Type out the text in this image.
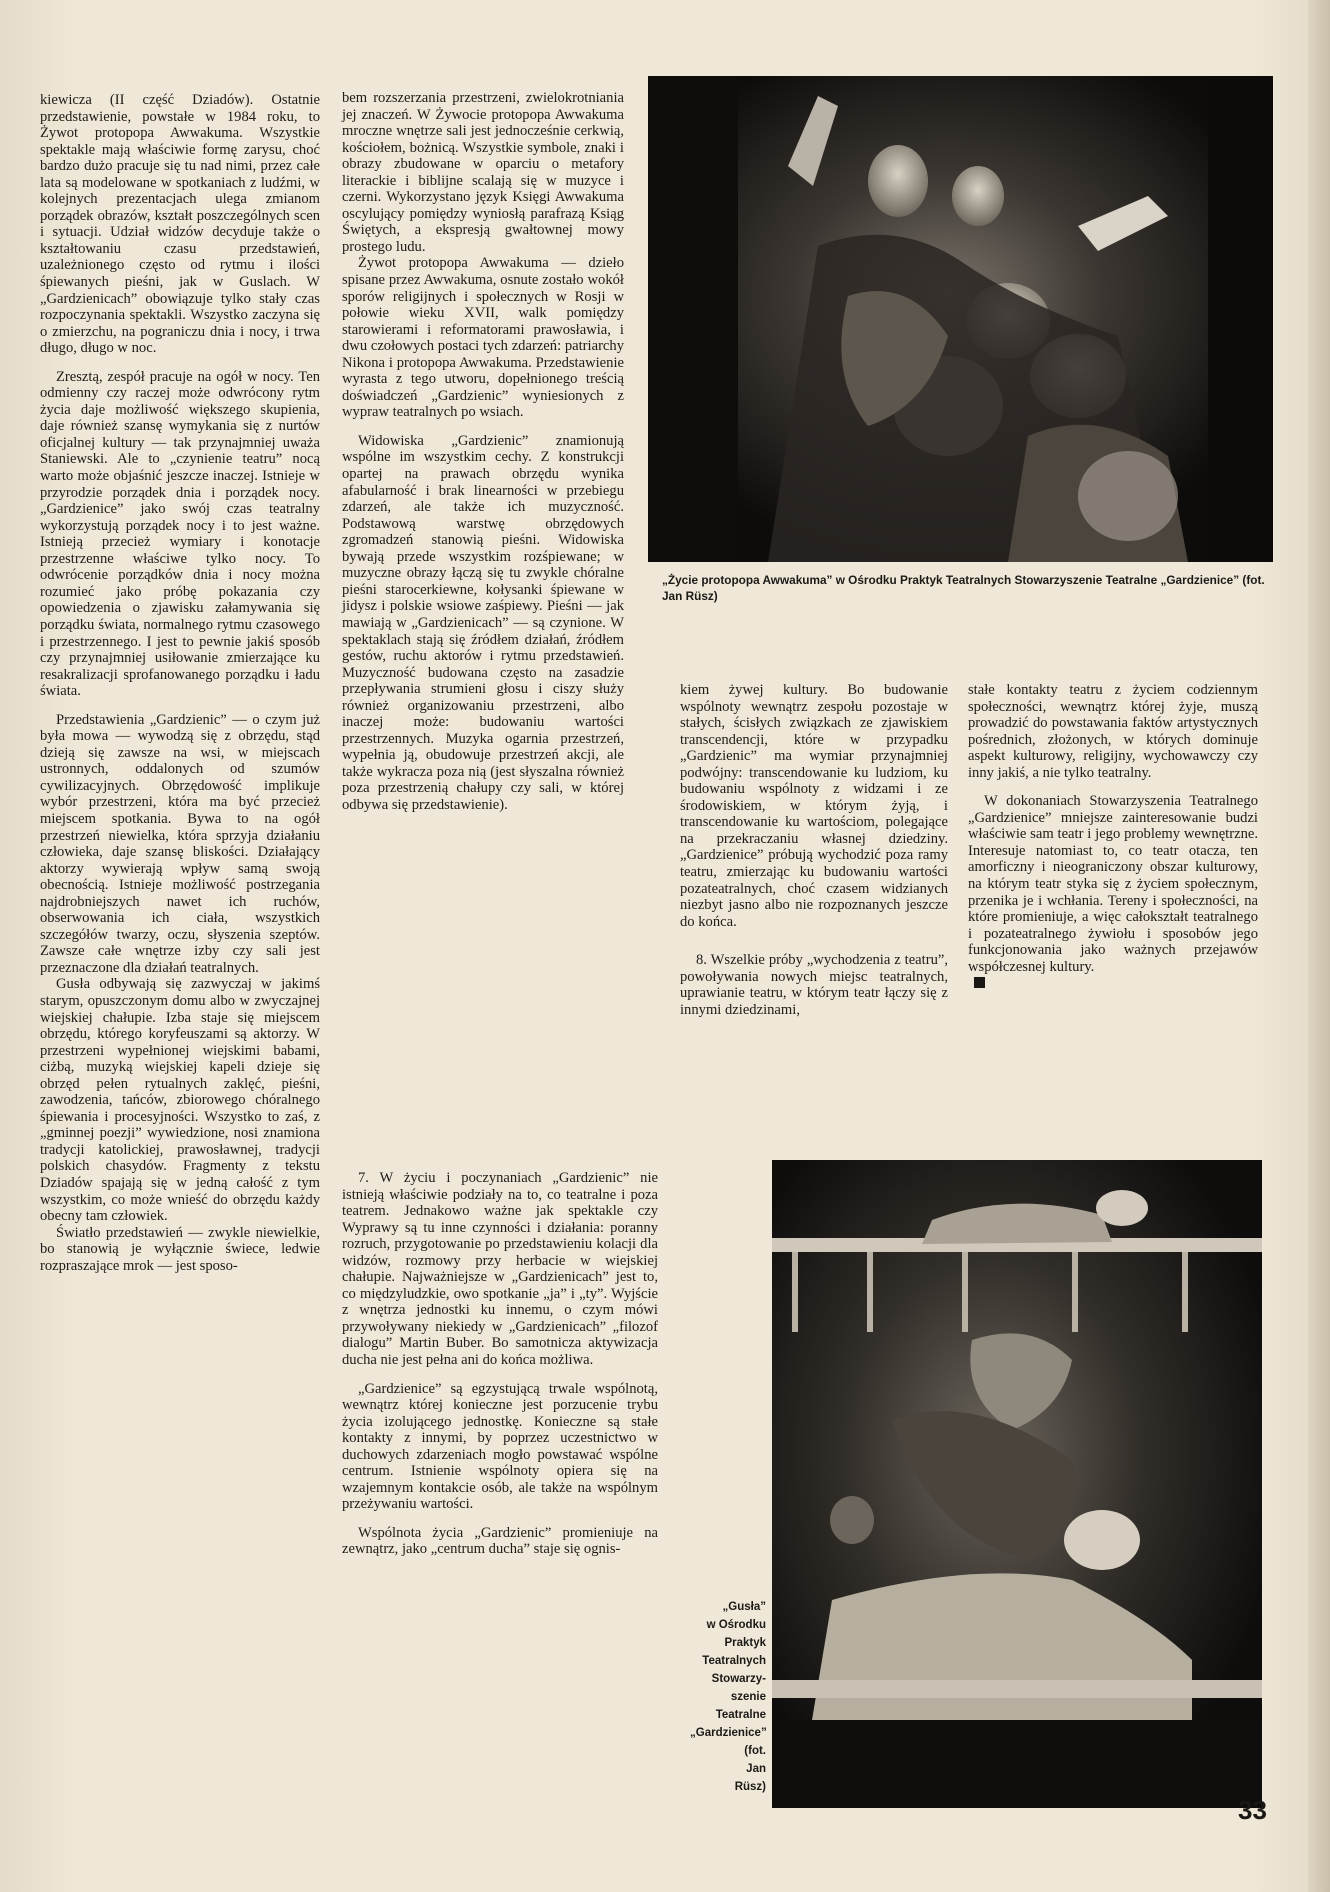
kiewicza (II część Dziadów). Ostatnie przedstawienie, powstałe w 1984 roku, to Żywot protopopa Awwakuma. Wszystkie spektakle mają właściwie formę zarysu, choć bardzo dużo pracuje się tu nad nimi, przez całe lata są modelowane w spotkaniach z ludźmi, w kolejnych prezentacjach ulega zmianom porządek obrazów, kształt poszczególnych scen i sytuacji. Udział widzów decyduje także o kształtowaniu czasu przedstawień, uzależnionego często od rytmu i ilości śpiewanych pieśni, jak w Guslach. W „Gardzienicach” obowiązuje tylko stały czas rozpoczynania spektakli. Wszystko zaczyna się o zmierzchu, na pograniczu dnia i nocy, i trwa długo, długo w noc.

Zresztą, zespół pracuje na ogół w nocy. Ten odmienny czy raczej może odwrócony rytm życia daje możliwość większego skupienia, daje również szansę wymykania się z nurtów oficjalnej kultury — tak przynajmniej uważa Staniewski. Ale to „czynienie teatru” nocą warto może objaśnić jeszcze inaczej. Istnieje w przyrodzie porządek dnia i porządek nocy. „Gardzienice” jako swój czas teatralny wykorzystują porządek nocy i to jest ważne. Istnieją przecież wymiary i konotacje przestrzenne właściwe tylko nocy. To odwrócenie porządków dnia i nocy można rozumieć jako próbę pokazania czy opowiedzenia o zjawisku załamywania się porządku świata, normalnego rytmu czasowego i przestrzennego. I jest to pewnie jakiś sposób czy przynajmniej usiłowanie zmierzające ku resakralizacji sprofanowanego porządku i ładu świata.

Przedstawienia „Gardzienic” — o czym już była mowa — wywodzą się z obrzędu, stąd dzieją się zawsze na wsi, w miejscach ustronnych, oddalonych od szumów cywilizacyjnych. Obrzędowość implikuje wybór przestrzeni, która ma być przecież miejscem spotkania. Bywa to na ogół przestrzeń niewielka, która sprzyja działaniu człowieka, daje szansę bliskości. Działający aktorzy wywierają wpływ samą swoją obecnością. Istnieje możliwość postrzegania najdrobniejszych nawet ich ruchów, obserwowania ich ciała, wszystkich szczegółów twarzy, oczu, słyszenia szeptów. Zawsze całe wnętrze izby czy sali jest przeznaczone dla działań teatralnych.

Gusła odbywają się zazwyczaj w jakimś starym, opuszczonym domu albo w zwyczajnej wiejskiej chałupie. Izba staje się miejscem obrzędu, którego koryfeuszami są aktorzy. W przestrzeni wypełnionej wiejskimi babami, ciżbą, muzyką wiejskiej kapeli dzieje się obrzęd pełen rytualnych zaklęć, pieśni, zawodzenia, tańców, zbiorowego chóralnego śpiewania i procesyjności. Wszystko to zaś, z „gminnej poezji” wywiedzione, nosi znamiona tradycji katolickiej, prawosławnej, tradycji polskich chasydów. Fragmenty z tekstu Dziadów spajają się w jedną całość z tym wszystkim, co może wnieść do obrzędu każdy obecny tam człowiek.

Światło przedstawień — zwykle niewielkie, bo stanowią je wyłącznie świece, ledwie rozpraszające mrok — jest sposo-

bem rozszerzania przestrzeni, zwielokrotniania jej znaczeń. W Żywocie protopopa Awwakuma mroczne wnętrze sali jest jednocześnie cerkwią, kościołem, bożnicą. Wszystkie symbole, znaki i obrazy zbudowane w oparciu o metafory literackie i biblijne scalają się w muzyce i czerni. Wykorzystano język Księgi Awwakuma oscylujący pomiędzy wyniosłą parafrazą Ksiąg Świętych, a ekspresją gwałtownej mowy prostego ludu.

Żywot protopopa Awwakuma — dzieło spisane przez Awwakuma, osnute zostało wokół sporów religijnych i społecznych w Rosji w połowie wieku XVII, walk pomiędzy starowierami i reformatorami prawosławia, i dwu czołowych postaci tych zdarzeń: patriarchy Nikona i protopopa Awwakuma. Przedstawienie wyrasta z tego utworu, dopełnionego treścią doświadczeń „Gardzienic” wyniesionych z wypraw teatralnych po wsiach.

Widowiska „Gardzienic” znamionują wspólne im wszystkim cechy. Z konstrukcji opartej na prawach obrzędu wynika afabularność i brak linearności w przebiegu zdarzeń, ale także ich muzyczność. Podstawową warstwę obrzędowych zgromadzeń stanowią pieśni. Widowiska bywają przede wszystkim rozśpiewane; w muzyczne obrazy łączą się tu zwykle chóralne pieśni starocerkiewne, kołysanki śpiewane w jidysz i polskie wsiowe zaśpiewy. Pieśni — jak mawiają w „Gardzienicach” — są czynione. W spektaklach stają się źródłem działań, źródłem gestów, ruchu aktorów i rytmu przedstawień. Muzyczność budowana często na zasadzie przepływania strumieni głosu i ciszy służy również organizowaniu przestrzeni, albo inaczej może: budowaniu wartości przestrzennych. Muzyka ogarnia przestrzeń, wypełnia ją, obudowuje przestrzeń akcji, ale także wykracza poza nią (jest słyszalna również poza przestrzenią chałupy czy sali, w której odbywa się przedstawienie).

7. W życiu i poczynaniach „Gardzienic” nie istnieją właściwie podziały na to, co teatralne i poza teatrem. Jednakowo ważne jak spektakle czy Wyprawy są tu inne czynności i działania: poranny rozruch, przygotowanie po przedstawieniu kolacji dla widzów, rozmowy przy herbacie w wiejskiej chałupie. Najważniejsze w „Gardzienicach” jest to, co międzyludzkie, owo spotkanie „ja” i „ty”. Wyjście z wnętrza jednostki ku innemu, o czym mówi przywoływany niekiedy w „Gardzienicach” „filozof dialogu” Martin Buber. Bo samotnicza aktywizacja ducha nie jest pełna ani do końca możliwa.

„Gardzienice” są egzystującą trwale wspólnotą, wewnątrz której konieczne jest porzucenie trybu życia izolującego jednostkę. Konieczne są stałe kontakty z innymi, by poprzez uczestnictwo w duchowych zdarzeniach mogło powstawać wspólne centrum. Istnienie wspólnoty opiera się na wzajemnym kontakcie osób, ale także na wspólnym przeżywaniu wartości.

Wspólnota życia „Gardzienic” promieniuje na zewnątrz, jako „centrum ducha” staje się ognis-

kiem żywej kultury. Bo budowanie wspólnoty wewnątrz zespołu pozostaje w stałych, ścisłych związkach ze zjawiskiem transcendencji, które w przypadku „Gardzienic” ma wymiar przynajmniej podwójny: transcendowanie ku ludziom, ku budowaniu wspólnoty z widzami i ze środowiskiem, w którym żyją, i transcendowanie ku wartościom, polegające na przekraczaniu własnej dziedziny. „Gardzienice” próbują wychodzić poza ramy teatru, zmierzając ku budowaniu wartości pozateatralnych, choć czasem widzianych niezbyt jasno albo nie rozpoznanych jeszcze do końca.

8. Wszelkie próby „wychodzenia z teatru”, powoływania nowych miejsc teatralnych, uprawianie teatru, w którym teatr łączy się z innymi dziedzinami,

stałe kontakty teatru z życiem codziennym społeczności, wewnątrz której żyje, muszą prowadzić do powstawania faktów artystycznych pośrednich, złożonych, w których dominuje aspekt kulturowy, religijny, wychowawczy czy inny jakiś, a nie tylko teatralny.

W dokonaniach Stowarzyszenia Teatralnego „Gardzienice” mniejsze zainteresowanie budzi właściwie sam teatr i jego problemy wewnętrzne. Interesuje natomiast to, co teatr otacza, ten amorficzny i nieograniczony obszar kulturowy, na którym teatr styka się z życiem społecznym, przenika je i wchłania. Tereny i społeczności, na które promieniuje, a więc całokształt teatralnego i pozateatralnego żywiołu i sposobów jego funkcjonowania jako ważnych przejawów współczesnej kultury.

„Życie protopopa Awwakuma” w Ośrodku Praktyk Teatralnych Stowarzyszenie Teatralne „Gardzienice” (fot. Jan Rüsz)
„Gusła”
w Ośrodku
Praktyk
Teatralnych
Stowarzy-
szenie
Teatralne
„Gardzienice”
(fot.
Jan
Rüsz)
33
